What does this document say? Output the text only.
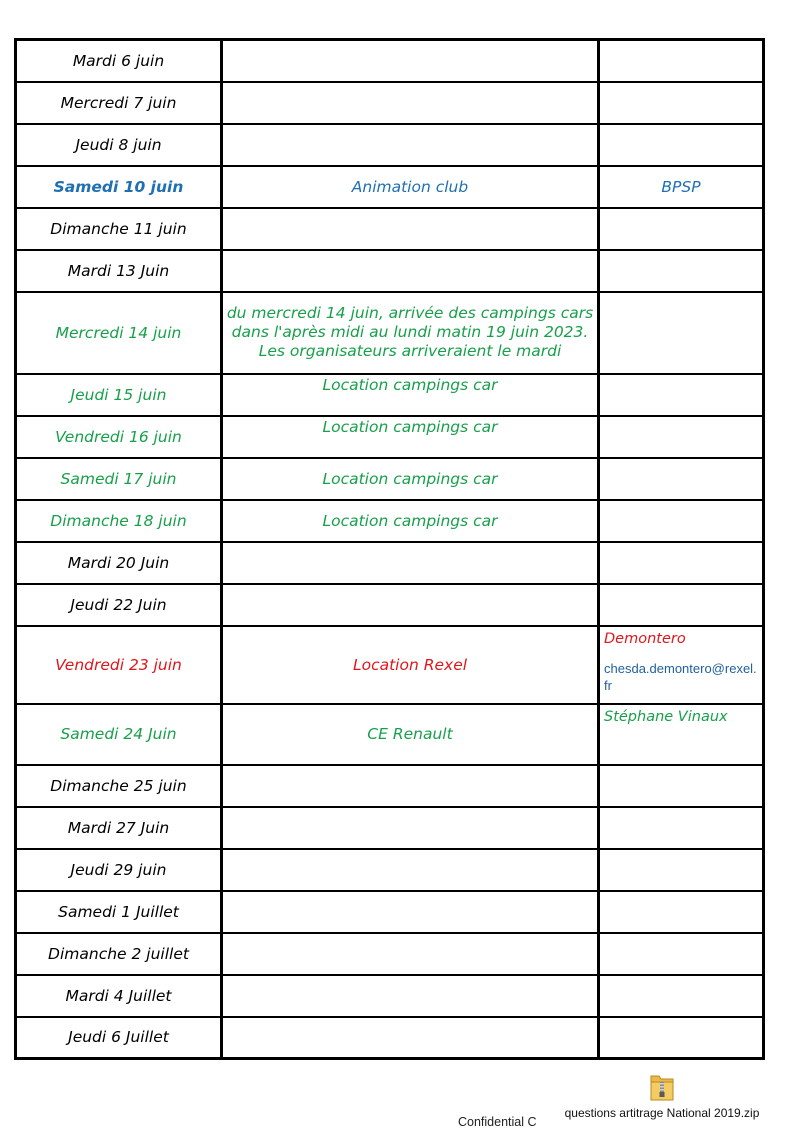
Mardi 6 juin		
Mercredi 7 juin		
Jeudi 8 juin		
Samedi 10 juin	Animation club	BPSP
Dimanche 11 juin		
Mardi 13 Juin		
Mercredi 14 juin	du mercredi 14 juin, arrivée des campings cars dans l'après midi au lundi matin 19 juin 2023. Les organisateurs arriveraient le mardi	

Jeudi 15 juin	Location campings car	

Vendredi 16 juin	Location campings car	

Samedi 17 juin	Location campings car	
Dimanche 18 juin	Location campings car	
Mardi 20 Juin		
Jeudi 22 Juin		
Vendredi 23 juin	Location Rexel	Demontero
chesda.demontero@rexel.fr

Samedi 24 Juin	CE Renault	Stéphane Vinaux

Dimanche 25 juin		
Mardi 27 Juin		
Jeudi 29 juin		
Samedi 1 Juillet		
Dimanche 2 juillet		
Mardi 4 Juillet		
Jeudi 6 Juillet		
questions artitrage National 2019.zip
Confidential C
